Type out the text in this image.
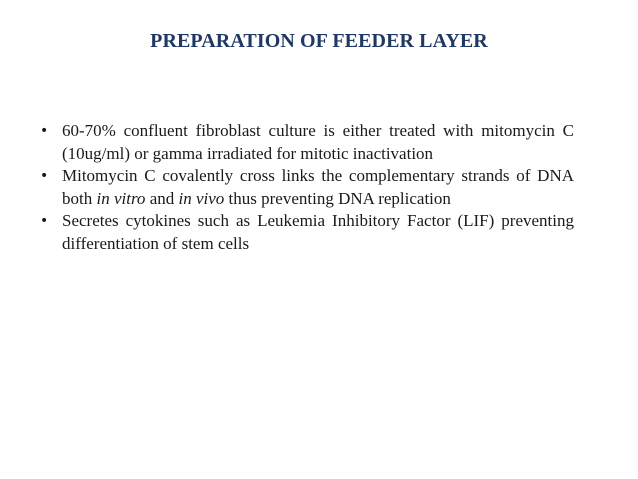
PREPARATION OF FEEDER LAYER
• 60-70% confluent fibroblast culture is either treated with mitomycin C (10ug/ml) or gamma irradiated for mitotic inactivation
• Mitomycin C covalently cross links the complementary strands of DNA both in vitro and in vivo thus preventing DNA replication
• Secretes cytokines such as Leukemia Inhibitory Factor (LIF) preventing differentiation of stem cells
